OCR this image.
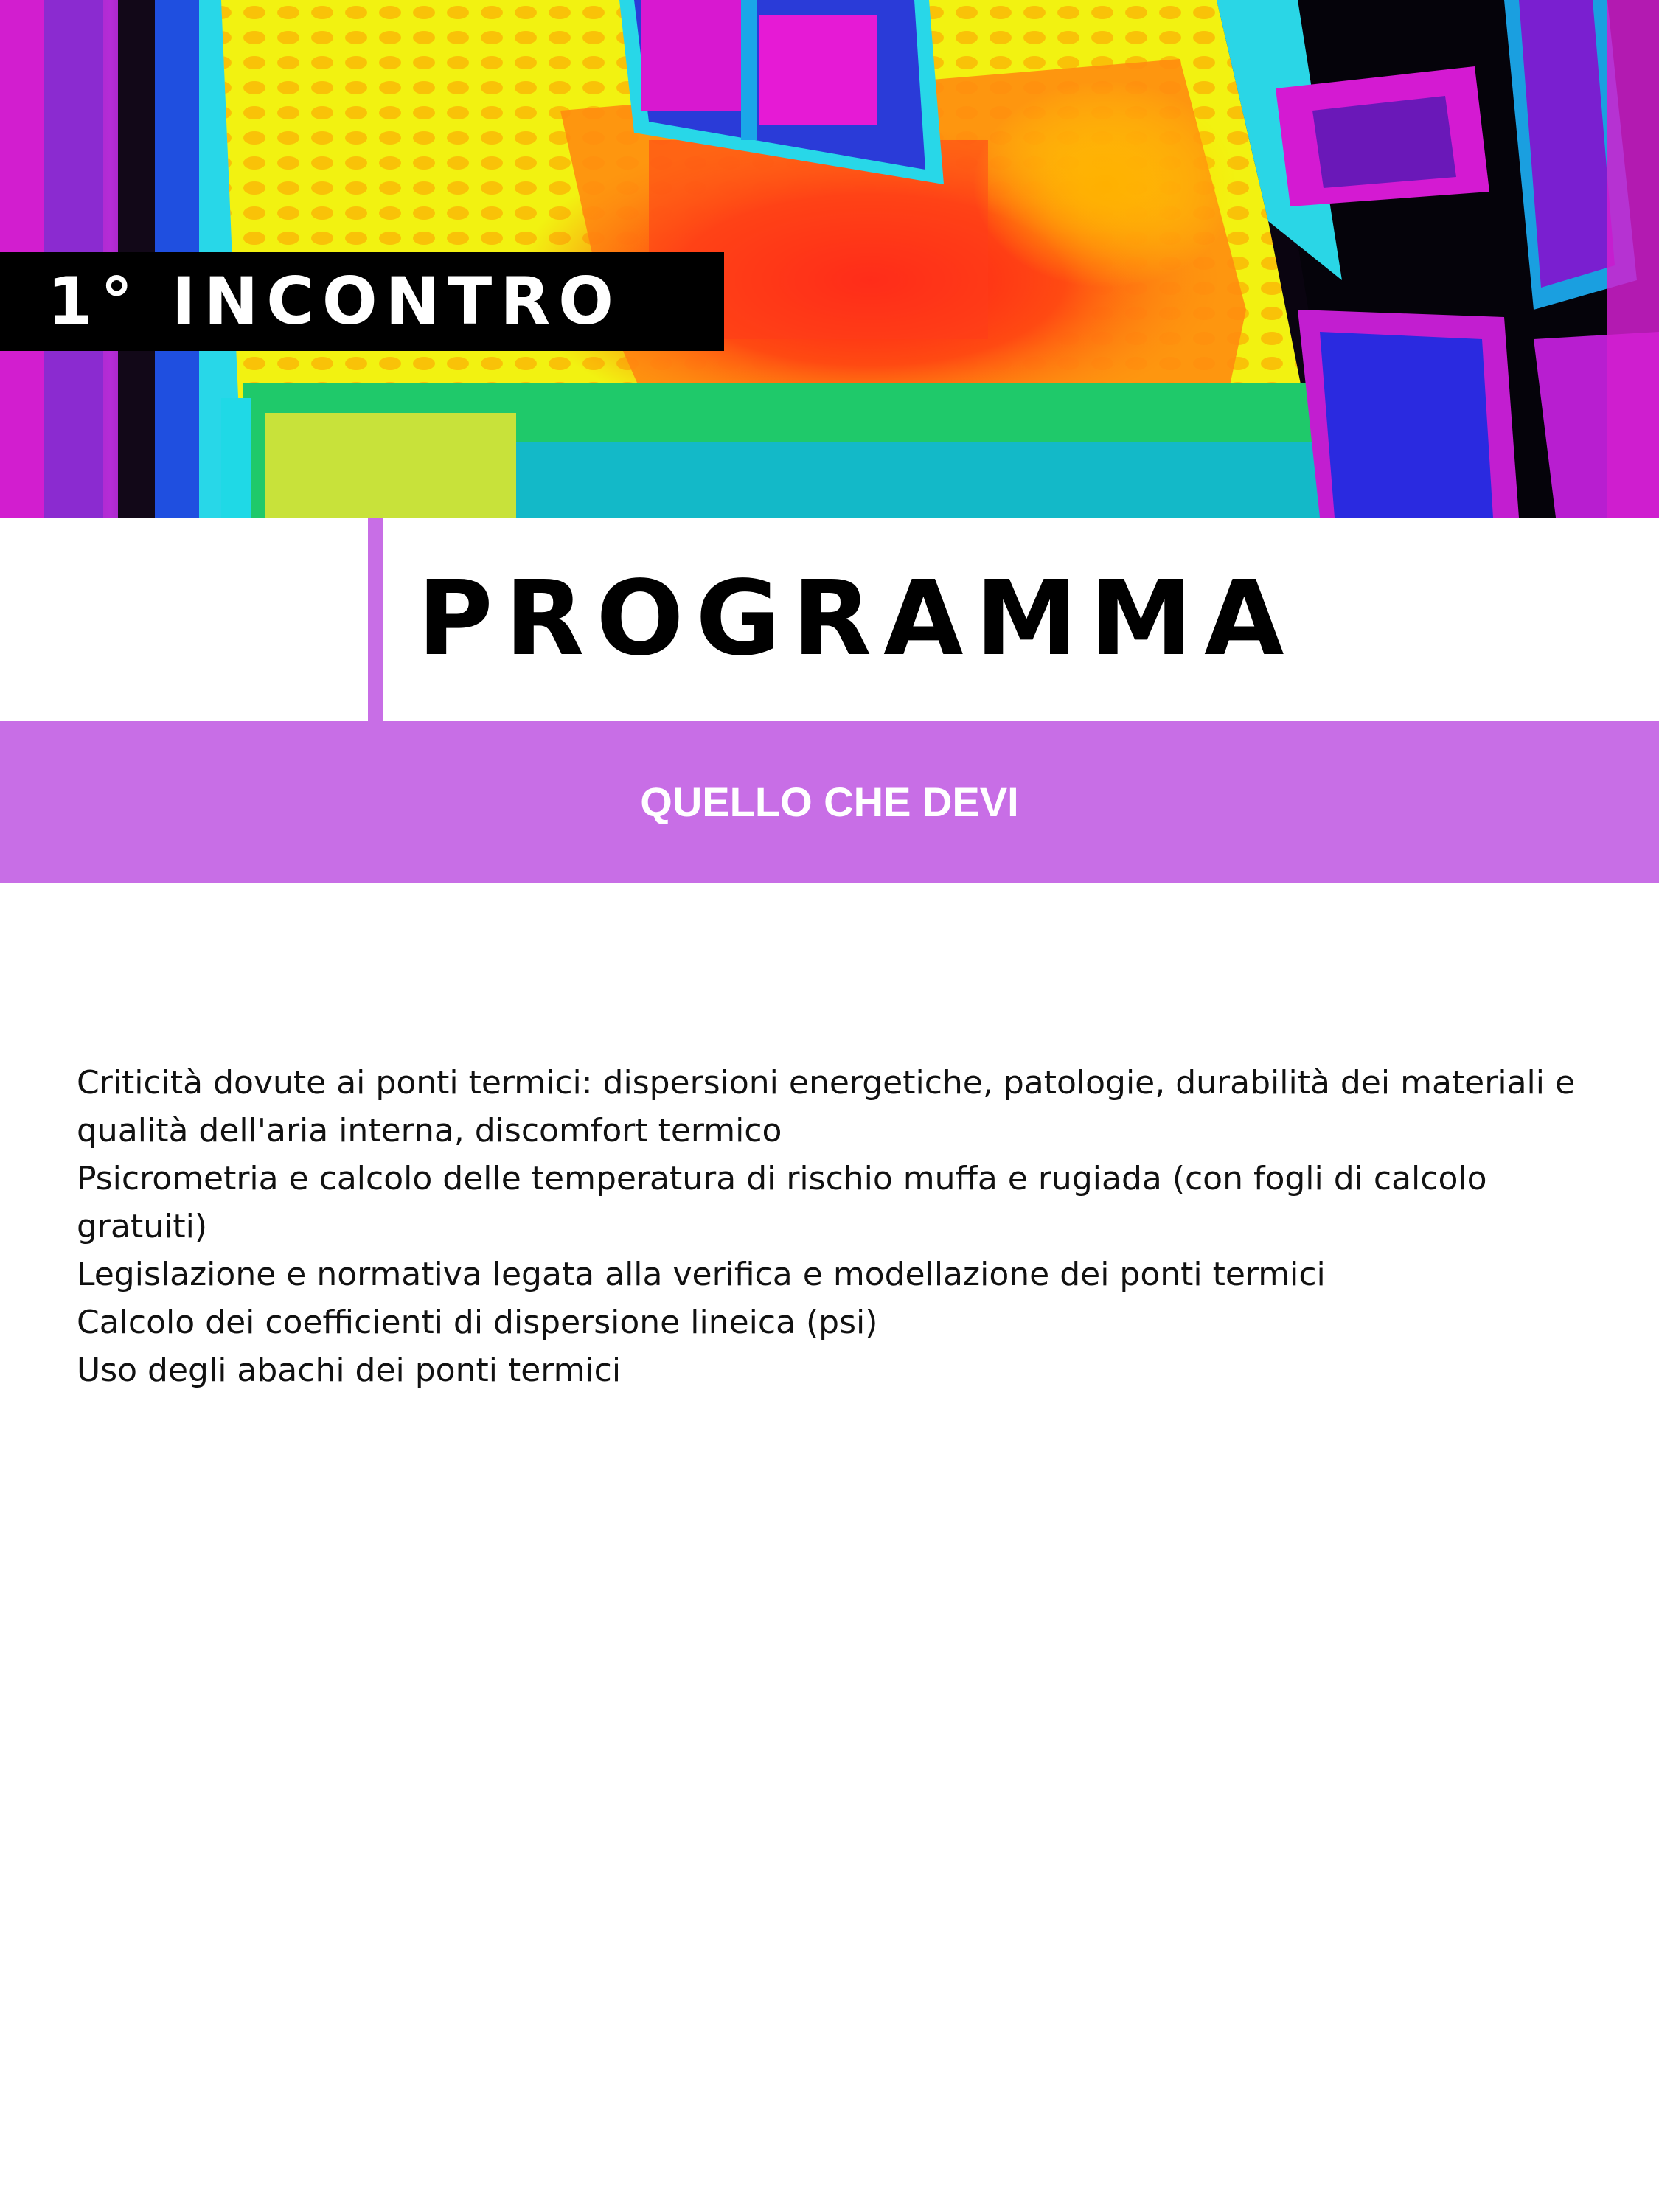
1° INCONTRO
PROGRAMMA
QUELLO CHE DEVI
Criticità dovute ai ponti termici: dispersioni energetiche, patologie, durabilità dei materiali e qualità dell'aria interna, discomfort termico
Psicrometria e calcolo delle temperatura di rischio muffa e rugiada (con fogli di calcolo gratuiti)
Legislazione e normativa legata alla verifica e modellazione dei ponti termici
Calcolo dei coefficienti di dispersione lineica (psi)
Uso degli abachi dei ponti termici
